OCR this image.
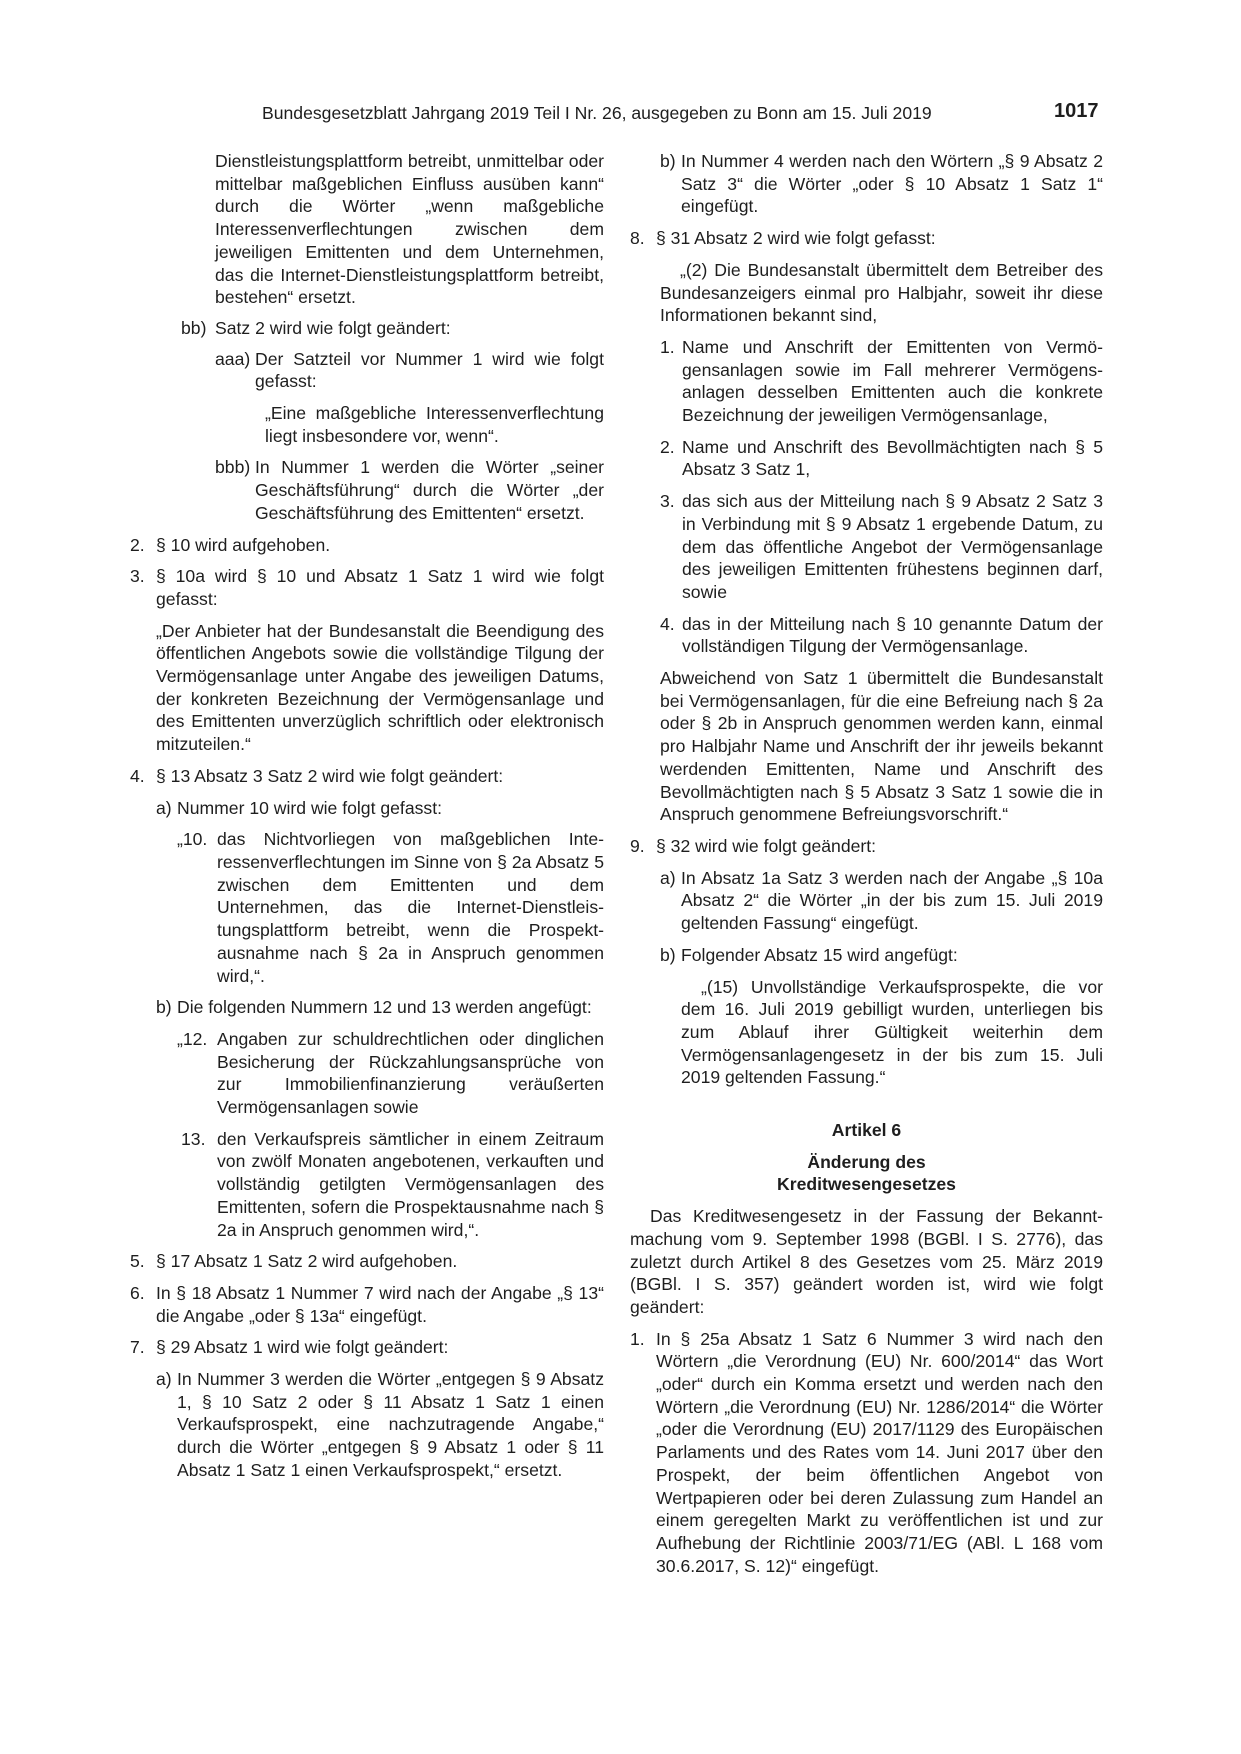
Bundesgesetzblatt Jahrgang 2019 Teil I Nr. 26, ausgegeben zu Bonn am 15. Juli 2019	1017

Dienstleistungsplattform betreibt, unmittelbar oder mittelbar maßgeblichen Einfluss ausüben kann“ durch die Wörter „wenn maßgebliche Interessenverflechtungen zwischen dem jeweiligen Emittenten und dem Unternehmen, das die Internet-Dienstleistungsplattform betreibt, bestehen“ ersetzt.

bb) Satz 2 wird wie folgt geändert:
aaa) Der Satzteil vor Nummer 1 wird wie folgt gefasst:

„Eine maßgebliche Interessenverflechtung liegt insbesondere vor, wenn“.

bbb) In Nummer 1 werden die Wörter „seiner Geschäftsführung“ durch die Wörter „der Geschäftsführung des Emittenten“ ersetzt.
2. § 10 wird aufgehoben.
3. § 10a wird § 10 und Absatz 1 Satz 1 wird wie folgt gefasst:

„Der Anbieter hat der Bundesanstalt die Beendigung des öffentlichen Angebots sowie die vollständige Tilgung der Vermögensanlage unter Angabe des jeweiligen Datums, der konkreten Bezeichnung der Vermögensanlage und des Emittenten unverzüglich schriftlich oder elektronisch mitzuteilen.“

4. § 13 Absatz 3 Satz 2 wird wie folgt geändert:
a) Nummer 10 wird wie folgt gefasst:
„10. das Nichtvorliegen von maßgeblichen Interessenverflechtungen im Sinne von § 2a Absatz 5 zwischen dem Emittenten und dem Unternehmen, das die Internet-Dienstleistungsplattform betreibt, wenn die Prospektausnahme nach § 2a in Anspruch genommen wird,“.
b) Die folgenden Nummern 12 und 13 werden angefügt:
„12. Angaben zur schuldrechtlichen oder dinglichen Besicherung der Rückzahlungsansprüche von zur Immobilienfinanzierung veräußerten Vermögensanlagen sowie
13. den Verkaufspreis sämtlicher in einem Zeitraum von zwölf Monaten angebotenen, verkauften und vollständig getilgten Vermögensanlagen des Emittenten, sofern die Prospektausnahme nach § 2a in Anspruch genommen wird,“.
5. § 17 Absatz 1 Satz 2 wird aufgehoben.
6. In § 18 Absatz 1 Nummer 7 wird nach der Angabe „§ 13“ die Angabe „oder § 13a“ eingefügt.
7. § 29 Absatz 1 wird wie folgt geändert:
a) In Nummer 3 werden die Wörter „entgegen § 9 Absatz 1, § 10 Satz 2 oder § 11 Absatz 1 Satz 1 einen Verkaufsprospekt, eine nachzutragende Angabe,“ durch die Wörter „entgegen § 9 Absatz 1 oder § 11 Absatz 1 Satz 1 einen Verkaufsprospekt,“ ersetzt.
b) In Nummer 4 werden nach den Wörtern „§ 9 Absatz 2 Satz 3“ die Wörter „oder § 10 Absatz 1 Satz 1“ eingefügt.
8. § 31 Absatz 2 wird wie folgt gefasst:

„(2) Die Bundesanstalt übermittelt dem Betreiber des Bundesanzeigers einmal pro Halbjahr, soweit ihr diese Informationen bekannt sind,

1. Name und Anschrift der Emittenten von Vermögensanlagen sowie im Fall mehrerer Vermögensanlagen desselben Emittenten auch die konkrete Bezeichnung der jeweiligen Vermögensanlage,
2. Name und Anschrift des Bevollmächtigten nach § 5 Absatz 3 Satz 1,
3. das sich aus der Mitteilung nach § 9 Absatz 2 Satz 3 in Verbindung mit § 9 Absatz 1 ergebende Datum, zu dem das öffentliche Angebot der Vermögensanlage des jeweiligen Emittenten frühestens beginnen darf, sowie
4. das in der Mitteilung nach § 10 genannte Datum der vollständigen Tilgung der Vermögensanlage.

Abweichend von Satz 1 übermittelt die Bundesanstalt bei Vermögensanlagen, für die eine Befreiung nach § 2a oder § 2b in Anspruch genommen werden kann, einmal pro Halbjahr Name und Anschrift der ihr jeweils bekannt werdenden Emittenten, Name und Anschrift des Bevollmächtigten nach § 5 Absatz 3 Satz 1 sowie die in Anspruch genommene Befreiungsvorschrift.“

9. § 32 wird wie folgt geändert:
a) In Absatz 1a Satz 3 werden nach der Angabe „§ 10a Absatz 2“ die Wörter „in der bis zum 15. Juli 2019 geltenden Fassung“ eingefügt.
b) Folgender Absatz 15 wird angefügt:

„(15) Unvollständige Verkaufsprospekte, die vor dem 16. Juli 2019 gebilligt wurden, unterliegen bis zum Ablauf ihrer Gültigkeit weiterhin dem Vermögensanlagengesetz in der bis zum 15. Juli 2019 geltenden Fassung.“

Artikel 6

Änderung des

Kreditwesengesetzes

Das Kreditwesengesetz in der Fassung der Bekanntmachung vom 9. September 1998 (BGBl. I S. 2776), das zuletzt durch Artikel 8 des Gesetzes vom 25. März 2019 (BGBl. I S. 357) geändert worden ist, wird wie folgt geändert:

1. In § 25a Absatz 1 Satz 6 Nummer 3 wird nach den Wörtern „die Verordnung (EU) Nr. 600/2014“ das Wort „oder“ durch ein Komma ersetzt und werden nach den Wörtern „die Verordnung (EU) Nr. 1286/2014“ die Wörter „oder die Verordnung (EU) 2017/1129 des Europäischen Parlaments und des Rates vom 14. Juni 2017 über den Prospekt, der beim öffentlichen Angebot von Wertpapieren oder bei deren Zulassung zum Handel an einem geregelten Markt zu veröffentlichen ist und zur Aufhebung der Richtlinie 2003/71/EG (ABl. L 168 vom 30.6.2017, S. 12)“ eingefügt.
